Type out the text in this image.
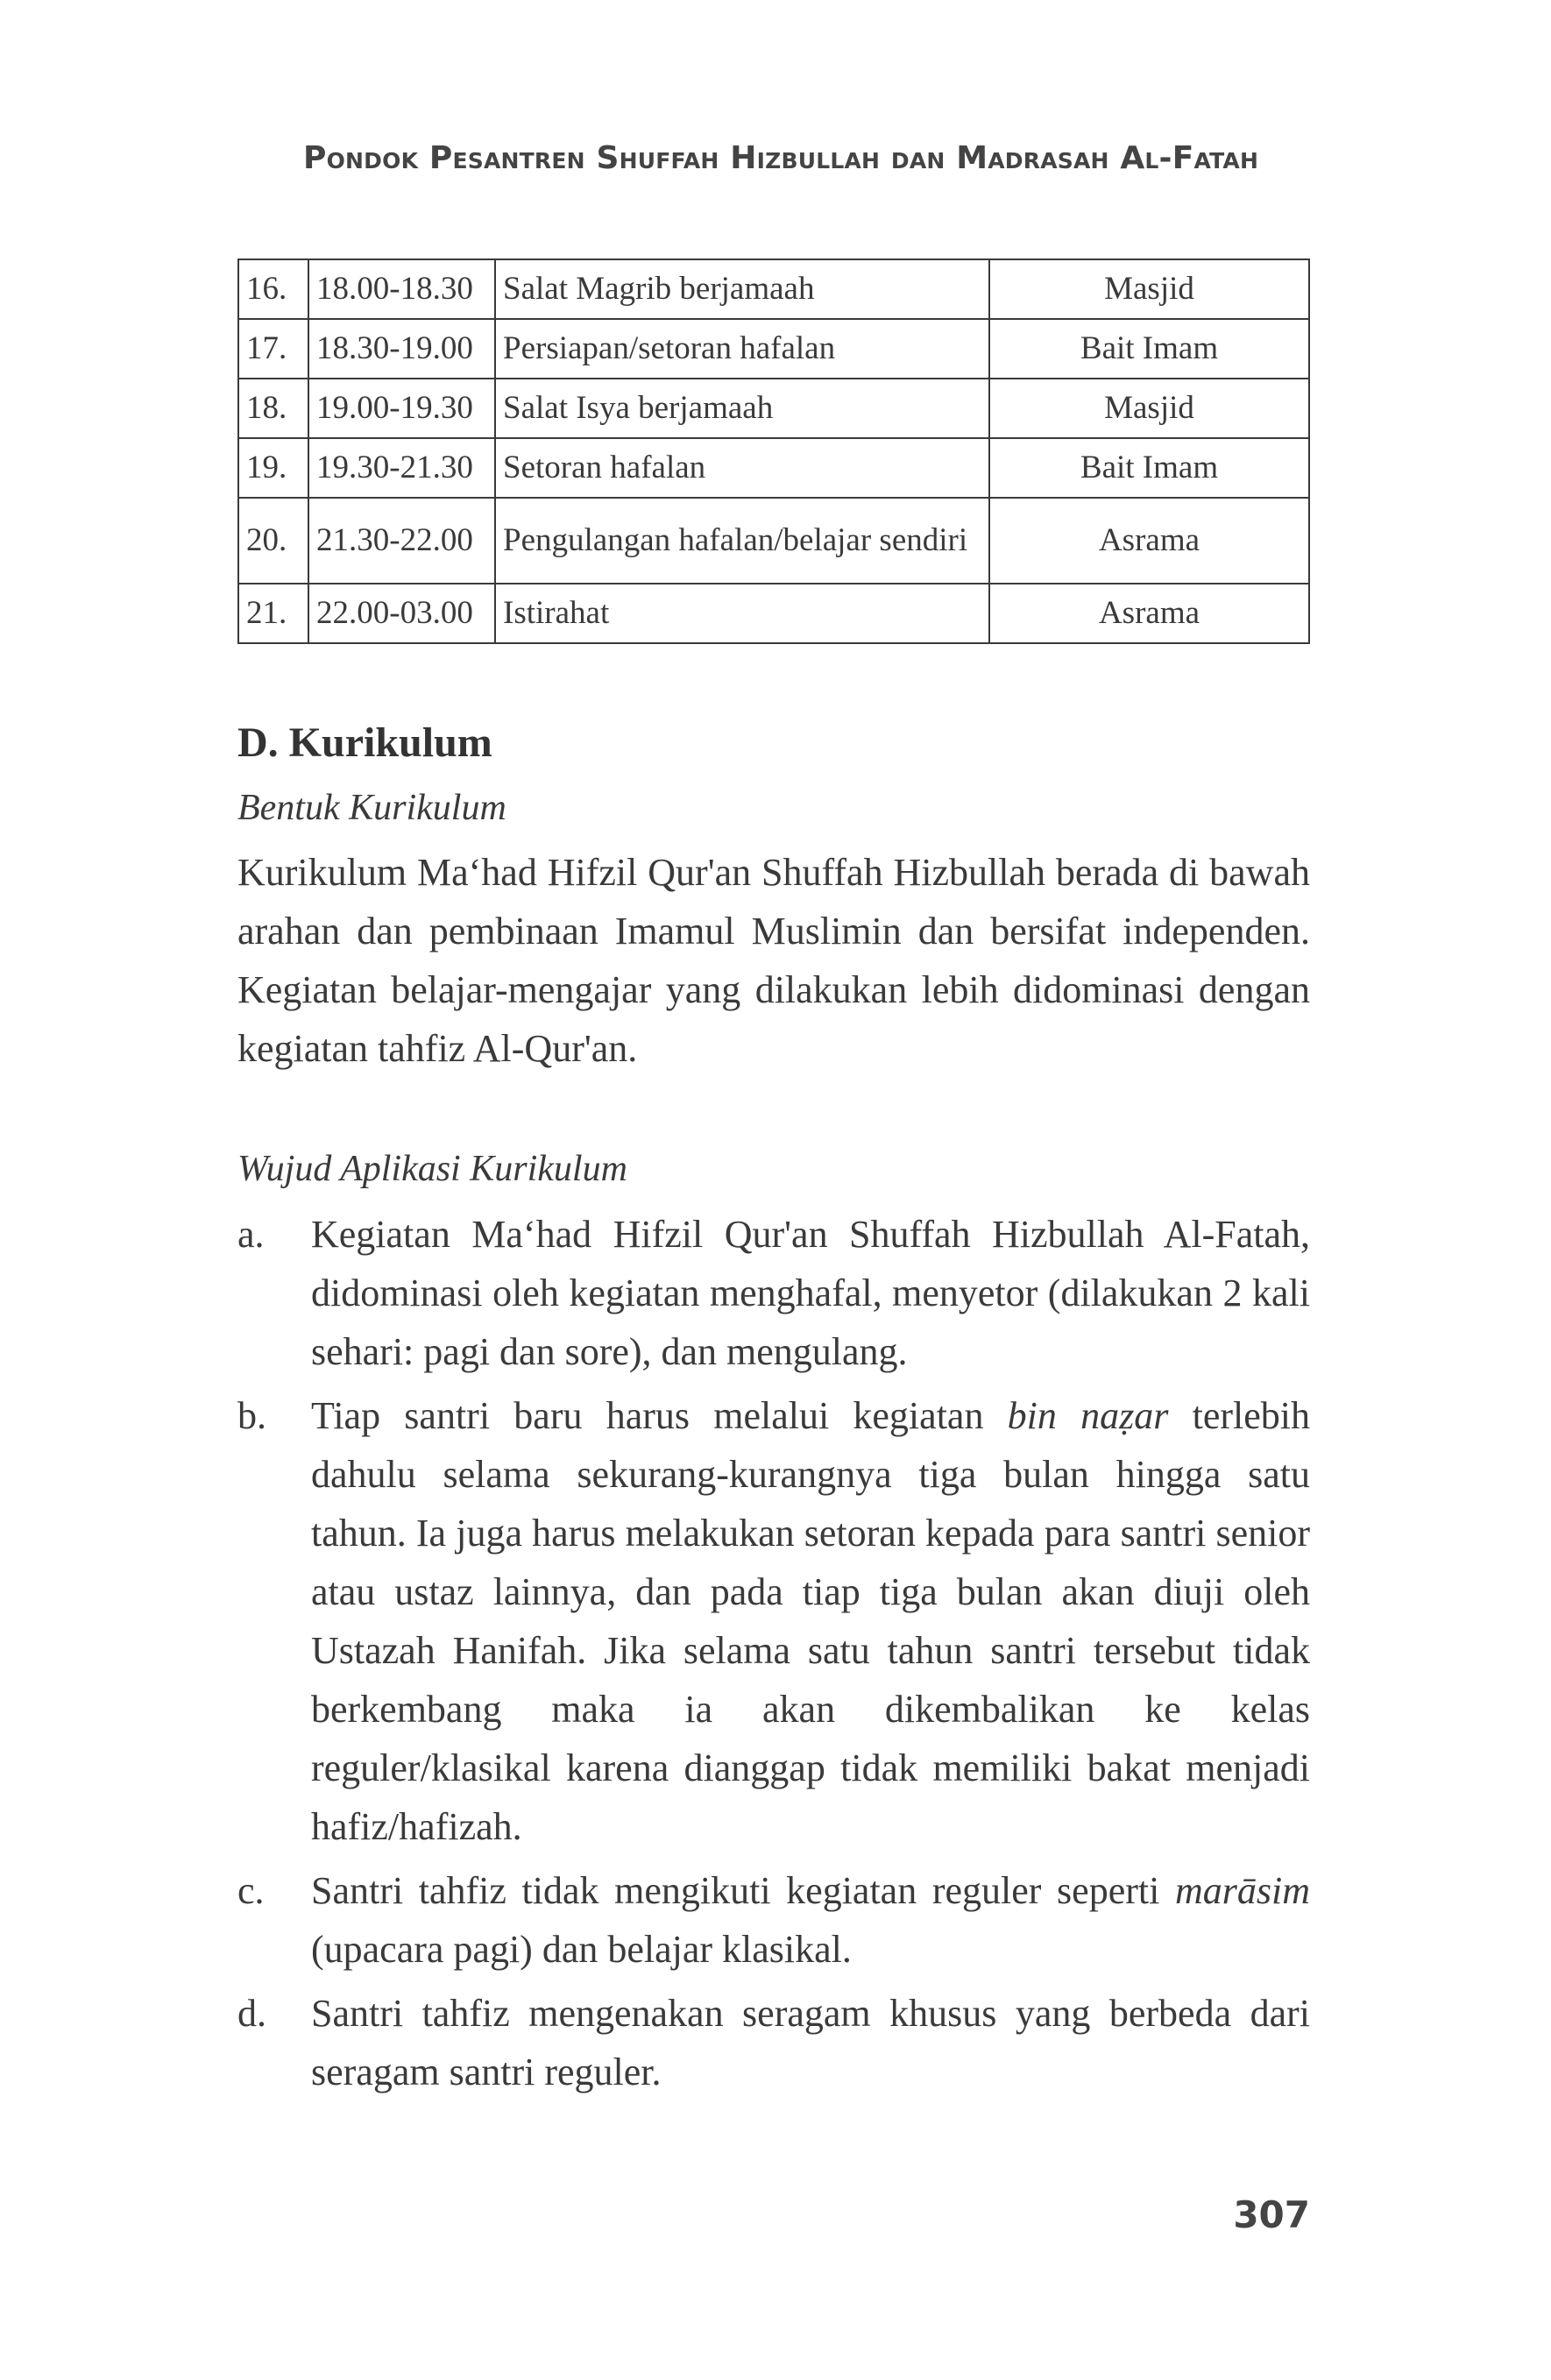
Pondok Pesantren Shuffah Hizbullah dan Madrasah Al-Fatah
16.	18.00-18.30	Salat Magrib berjamaah	Masjid
17.	18.30-19.00	Persiapan/setoran hafalan	Bait Imam
18.	19.00-19.30	Salat Isya berjamaah	Masjid
19.	19.30-21.30	Setoran hafalan	Bait Imam
20.	21.30-22.00	Pengulangan hafalan/belajar sendiri	Asrama
21.	22.00-03.00	Istirahat	Asrama
D. Kurikulum
Bentuk Kurikulum
Kurikulum Ma‘had Hifzil Qur'an Shuffah Hizbullah berada di bawah arahan dan pembinaan Imamul Muslimin dan bersifat independen. Kegiatan belajar-mengajar yang dilakukan lebih didominasi dengan kegiatan tahfiz Al-Qur'an.
Wujud Aplikasi Kurikulum
a.	Kegiatan Ma‘had Hifzil Qur'an Shuffah Hizbullah Al-Fatah, didominasi oleh kegiatan menghafal, menyetor (dilakukan 2 kali sehari: pagi dan sore), dan mengulang.
b.	Tiap santri baru harus melalui kegiatan bin naẓar terlebih dahulu selama sekurang-kurangnya tiga bulan hingga satu tahun. Ia juga harus melakukan setoran kepada para santri senior atau ustaz lainnya, dan pada tiap tiga bulan akan diuji oleh Ustazah Hanifah. Jika selama satu tahun santri tersebut tidak berkembang maka ia akan dikembalikan ke kelas reguler/klasikal karena dianggap tidak memiliki bakat menjadi hafiz/hafizah.
c.	Santri tahfiz tidak mengikuti kegiatan reguler seperti marāsim (upacara pagi) dan belajar klasikal.
d.	Santri tahfiz mengenakan seragam khusus yang berbeda dari seragam santri reguler.
307
